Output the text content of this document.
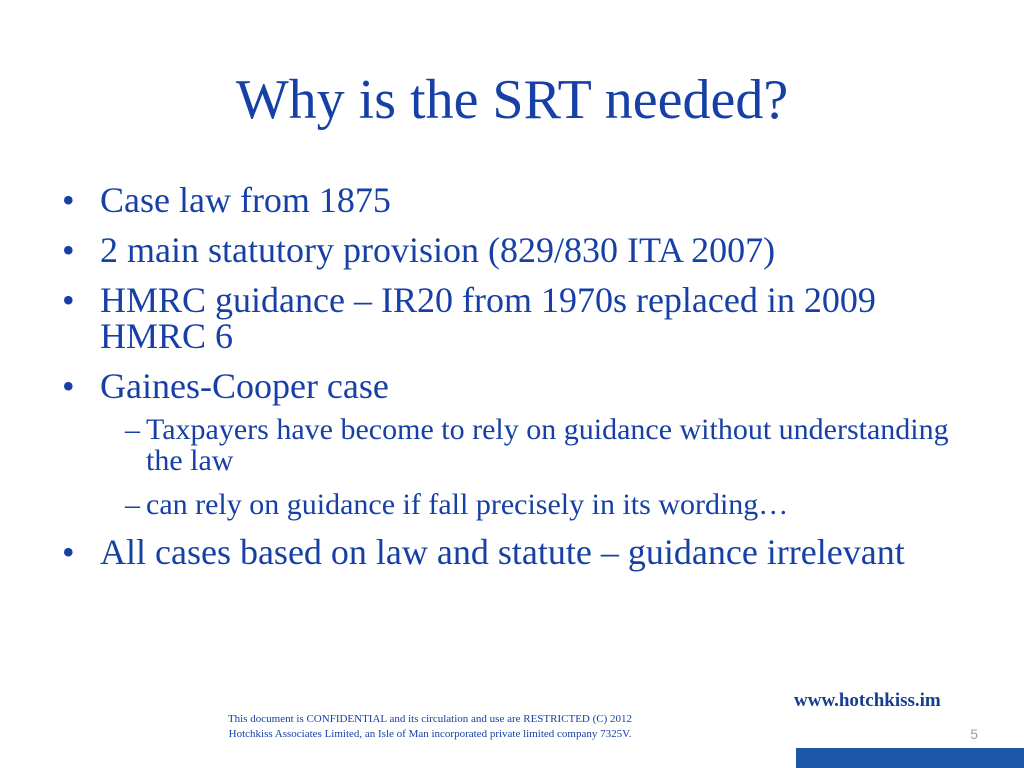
Why is the SRT needed?
• Case law from 1875
• 2 main statutory provision (829/830 ITA 2007)
• HMRC guidance – IR20 from 1970s replaced in 2009 HMRC 6
• Gaines-Cooper case
– Taxpayers have become to rely on guidance without understanding the law
– can rely on guidance if fall precisely in its wording…
• All cases based on law and statute – guidance irrelevant
www.hotchkiss.im
This document is CONFIDENTIAL and its circulation and use are RESTRICTED (C) 2012
Hotchkiss Associates Limited, an Isle of Man incorporated private limited company 7325V.	5
